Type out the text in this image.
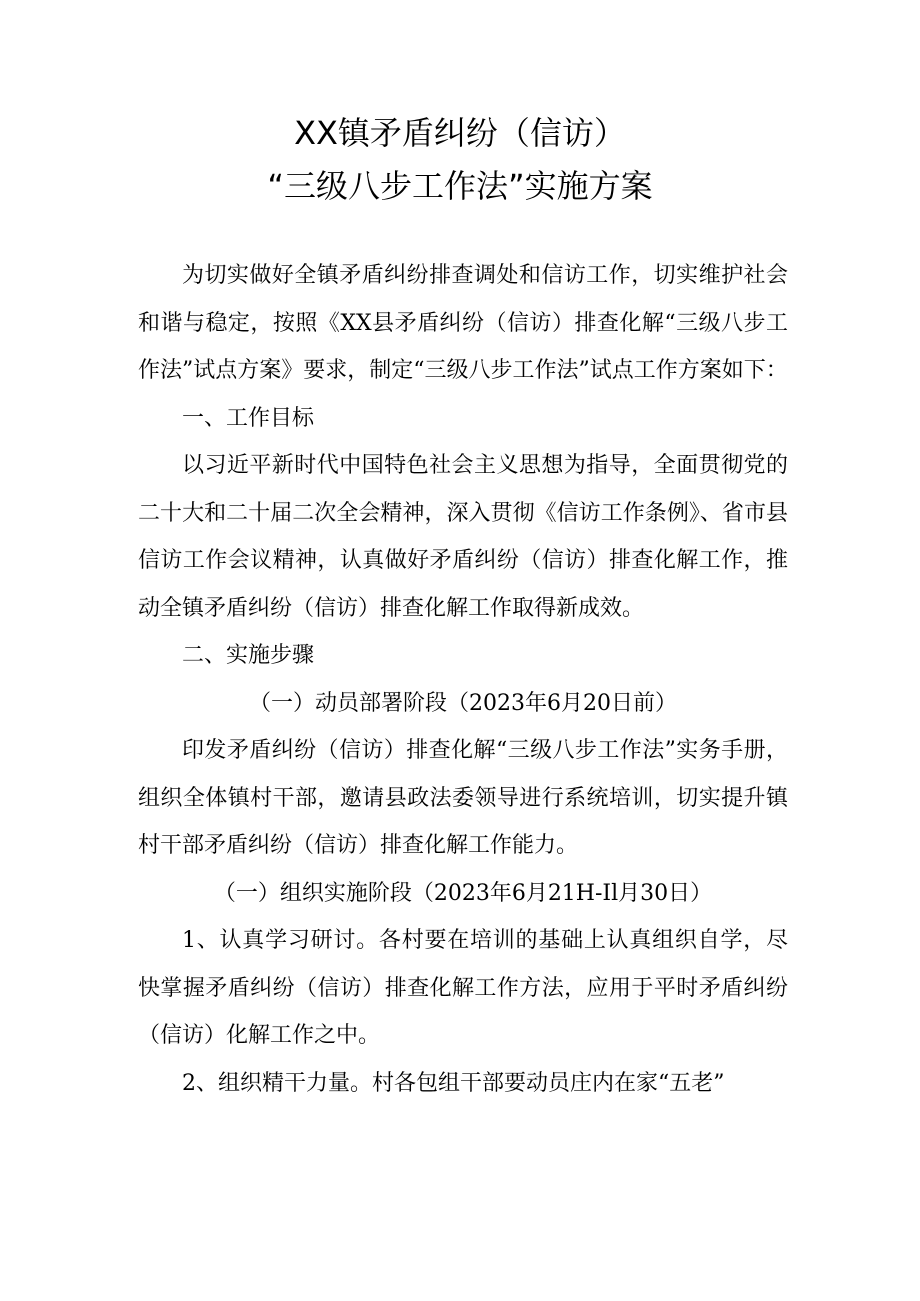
XX镇矛盾纠纷（信访）
“三级八步工作法”实施方案

为切实做好全镇矛盾纠纷排查调处和信访工作，切实维护社会和谐与稳定，按照《XX县矛盾纠纷（信访）排查化解“三级八步工作法”试点方案》要求，制定“三级八步工作法”试点工作方案如下：

一、工作目标

以习近平新时代中国特色社会主义思想为指导，全面贯彻党的二十大和二十届二次全会精神，深入贯彻《信访工作条例》、省市县信访工作会议精神，认真做好矛盾纠纷（信访）排查化解工作，推动全镇矛盾纠纷（信访）排查化解工作取得新成效。

二、实施步骤

（一）动员部署阶段（2023年6月20日前）

印发矛盾纠纷（信访）排查化解“三级八步工作法”实务手册，组织全体镇村干部，邀请县政法委领导进行系统培训，切实提升镇村干部矛盾纠纷（信访）排查化解工作能力。

（一）组织实施阶段（2023年6月21H-Il月30日）

1、认真学习研讨。各村要在培训的基础上认真组织自学，尽快掌握矛盾纠纷（信访）排查化解工作方法，应用于平时矛盾纠纷（信访）化解工作之中。

2、组织精干力量。村各包组干部要动员庄内在家“五老”
